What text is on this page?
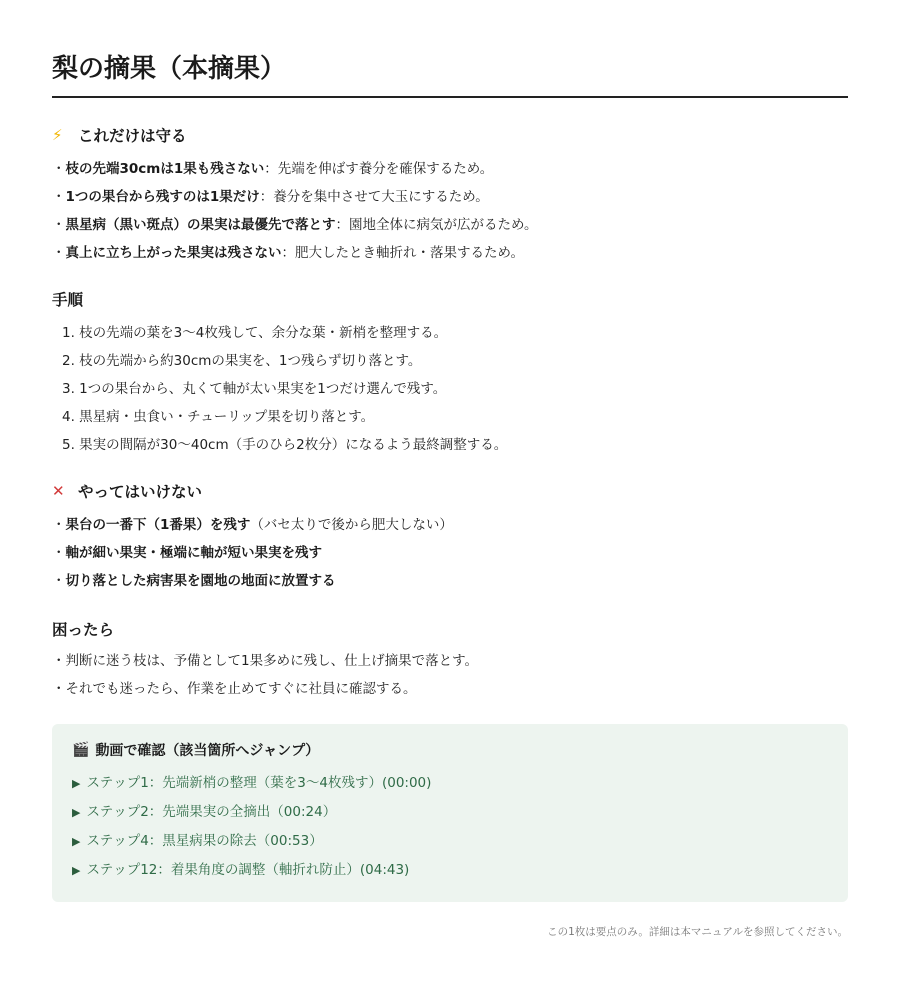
梨の摘果（本摘果）
⚡ これだけは守る
・枝の先端30cmは1果も残さない：先端を伸ばす養分を確保するため。
・1つの果台から残すのは1果だけ：養分を集中させて大玉にするため。
・黒星病（黒い斑点）の果実は最優先で落とす：園地全体に病気が広がるため。
・真上に立ち上がった果実は残さない：肥大したとき軸折れ・落果するため。
手順
1. 枝の先端の葉を3～4枚残して、余分な葉・新梢を整理する。
2. 枝の先端から約30cmの果実を、1つ残らず切り落とす。
3. 1つの果台から、丸くて軸が太い果実を1つだけ選んで残す。
4. 黒星病・虫食い・チューリップ果を切り落とす。
5. 果実の間隔が30～40cm（手のひら2枚分）になるよう最終調整する。
✕ やってはいけない
・果台の一番下（1番果）を残す（バセ太りで後から肥大しない）
・軸が細い果実・極端に軸が短い果実を残す
・切り落とした病害果を園地の地面に放置する
困ったら
・判断に迷う枝は、予備として1果多めに残し、仕上げ摘果で落とす。
・それでも迷ったら、作業を止めてすぐに社員に確認する。
🎬 動画で確認（該当箇所へジャンプ）
▶ ステップ1：先端新梢の整理（葉を3～4枚残す）(00:00)
▶ ステップ2：先端果実の全摘出（00:24）
▶ ステップ4：黒星病果の除去（00:53）
▶ ステップ12：着果角度の調整（軸折れ防止）(04:43)
この1枚は要点のみ。詳細は本マニュアルを参照してください。
